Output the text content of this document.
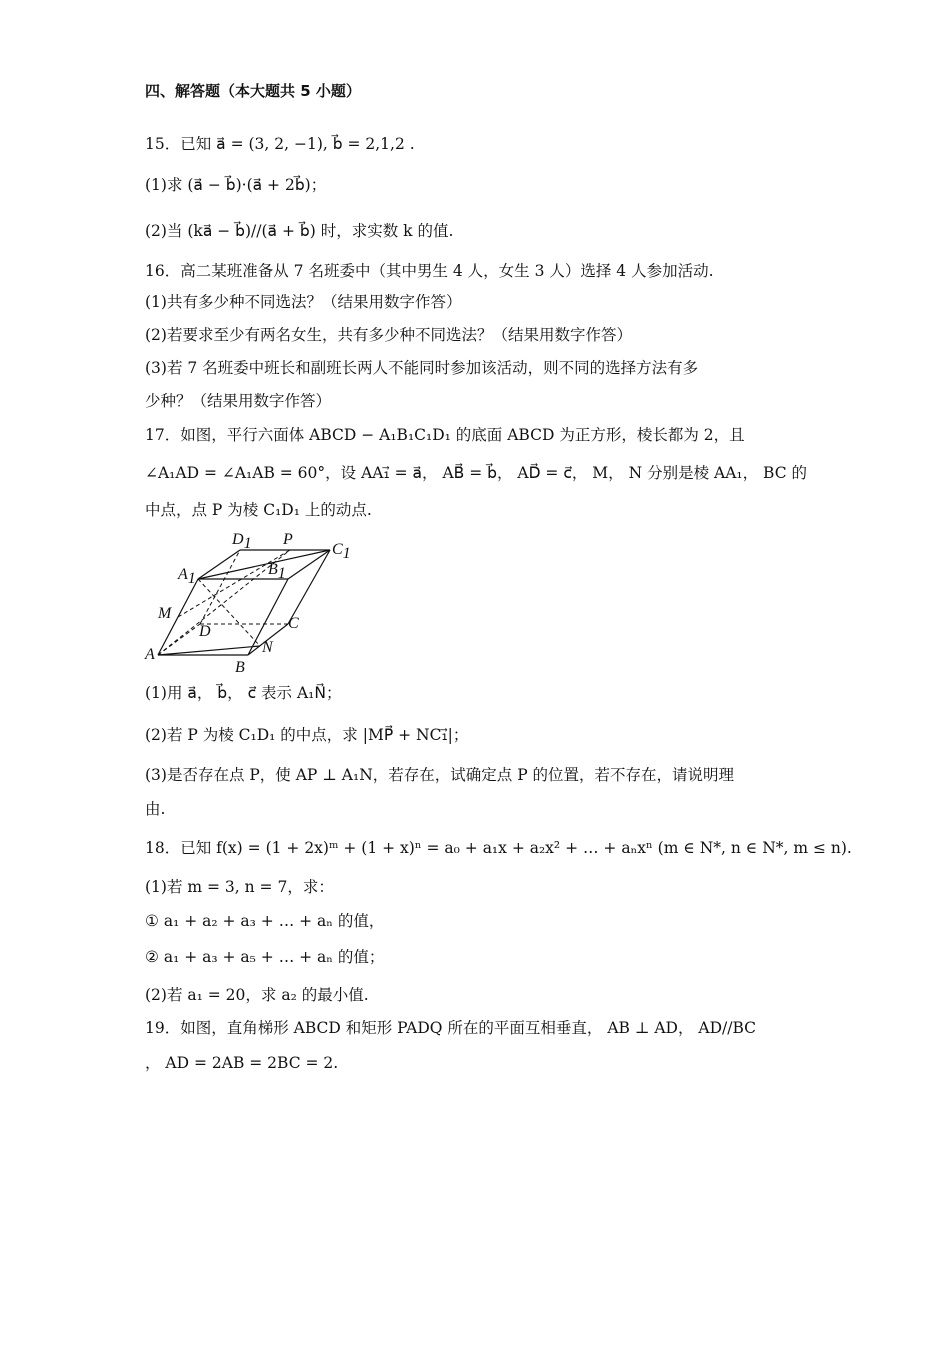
四、解答题（本大题共 5 小题）
15．已知 a⃗ = (3, 2, −1), b⃗ = 2,1,2 .
(1)求 (a⃗ − b⃗)·(a⃗ + 2b⃗)；
(2)当 (ka⃗ − b⃗)//(a⃗ + b⃗) 时，求实数 k 的值.
16．高二某班准备从 7 名班委中（其中男生 4 人，女生 3 人）选择 4 人参加活动.
(1)共有多少种不同选法？（结果用数字作答）
(2)若要求至少有两名女生，共有多少种不同选法？（结果用数字作答）
(3)若 7 名班委中班长和副班长两人不能同时参加该活动，则不同的选择方法有多
少种？（结果用数字作答）
17．如图，平行六面体 ABCD − A₁B₁C₁D₁ 的底面 ABCD 为正方形，棱长都为 2，且
∠A₁AD = ∠A₁AB = 60°，设 AA₁⃗ = a⃗， AB⃗ = b⃗， AD⃗ = c⃗， M， N 分别是棱 AA₁， BC 的
中点，点 P 为棱 C₁D₁ 上的动点.
D1 P
C1
A1
B1
M
D	C
A
B
N
(1)用 a⃗， b⃗， c⃗ 表示 A₁N⃗；
(2)若 P 为棱 C₁D₁ 的中点，求 |MP⃗ + NC₁⃗|；
(3)是否存在点 P，使 AP ⊥ A₁N，若存在，试确定点 P 的位置，若不存在，请说明理
由.
18．已知 f(x) = (1 + 2x)ᵐ + (1 + x)ⁿ = a₀ + a₁x + a₂x² + … + aₙxⁿ (m ∈ N*, n ∈ N*, m ≤ n).
(1)若 m = 3, n = 7，求：
① a₁ + a₂ + a₃ + … + aₙ 的值，
② a₁ + a₃ + a₅ + … + aₙ 的值；
(2)若 a₁ = 20，求 a₂ 的最小值.
19．如图，直角梯形 ABCD 和矩形 PADQ 所在的平面互相垂直， AB ⊥ AD， AD//BC
， AD = 2AB = 2BC = 2.
